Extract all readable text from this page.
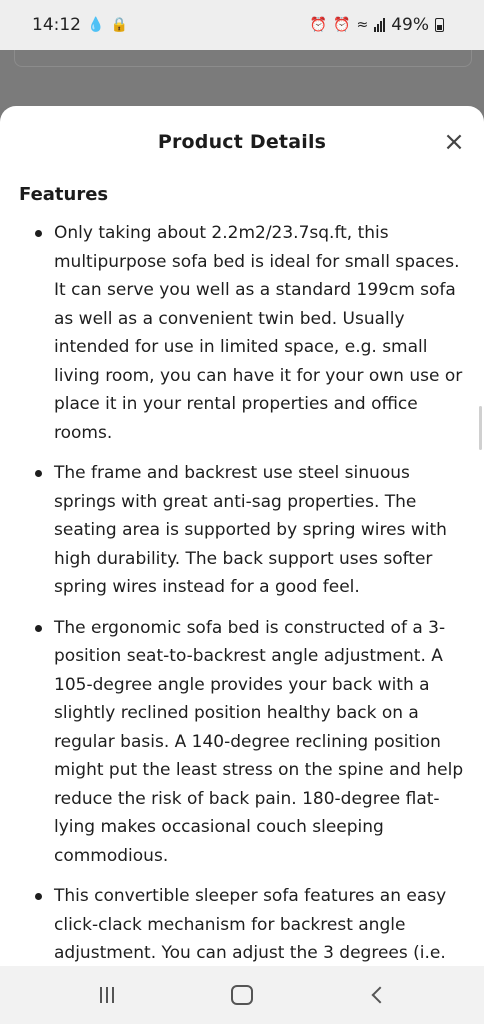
14:12 💧 🔒	⏰ ⏰ ≈ 49%
Product Details	×
Features
Only taking about 2.2m2/23.7sq.ft, this multipurpose sofa bed is ideal for small spaces. It can serve you well as a standard 199cm sofa as well as a convenient twin bed. Usually intended for use in limited space, e.g. small living room, you can have it for your own use or place it in your rental properties and office rooms.
The frame and backrest use steel sinuous springs with great anti-sag properties. The seating area is supported by spring wires with high durability. The back support uses softer spring wires instead for a good feel.
The ergonomic sofa bed is constructed of a 3-position seat-to-backrest angle adjustment. A 105-degree angle provides your back with a slightly reclined position healthy back on a regular basis. A 140-degree reclining position might put the least stress on the spine and help reduce the risk of back pain. 180-degree flat-lying makes occasional couch sleeping commodious.
This convertible sleeper sofa features an easy click-clack mechanism for backrest angle adjustment. You can adjust the 3 degrees (i.e.
